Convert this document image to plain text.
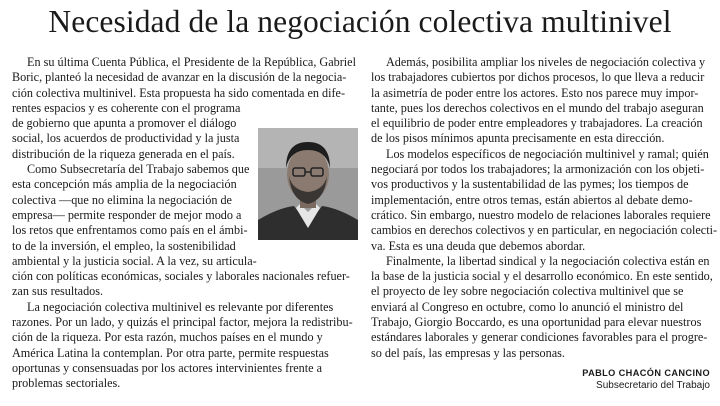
Necesidad de la negociación colectiva multinivel
En su última Cuenta Pública, el Presidente de la República, Gabriel
Boric, planteó la necesidad de avanzar en la discusión de la negocia-
ción colectiva multinivel. Esta propuesta ha sido comentada en dife-
rentes espacios y es coherente con el programa
de gobierno que apunta a promover el diálogo
social, los acuerdos de productividad y la justa
distribución de la riqueza generada en el país.
Como Subsecretaría del Trabajo sabemos que
esta concepción más amplia de la negociación
colectiva —que no elimina la negociación de
empresa— permite responder de mejor modo a
los retos que enfrentamos como país en el ámbi-
to de la inversión, el empleo, la sostenibilidad
ambiental y la justicia social. A la vez, su articula-
ción con políticas económicas, sociales y laborales nacionales refuer-
zan sus resultados.
La negociación colectiva multinivel es relevante por diferentes
razones. Por un lado, y quizás el principal factor, mejora la redistribu-
ción de la riqueza. Por esta razón, muchos países en el mundo y
América Latina la contemplan. Por otra parte, permite respuestas
oportunas y consensuadas por los actores intervinientes frente a
problemas sectoriales.
Además, posibilita ampliar los niveles de negociación colectiva y
los trabajadores cubiertos por dichos procesos, lo que lleva a reducir
la asimetría de poder entre los actores. Esto nos parece muy impor-
tante, pues los derechos colectivos en el mundo del trabajo aseguran
el equilibrio de poder entre empleadores y trabajadores. La creación
de los pisos mínimos apunta precisamente en esta dirección.
Los modelos específicos de negociación multinivel y ramal; quién
negociará por todos los trabajadores; la armonización con los objeti-
vos productivos y la sustentabilidad de las pymes; los tiempos de
implementación, entre otros temas, están abiertos al debate demo-
crático. Sin embargo, nuestro modelo de relaciones laborales requiere
cambios en derechos colectivos y en particular, en negociación colecti-
va. Esta es una deuda que debemos abordar.
Finalmente, la libertad sindical y la negociación colectiva están en
la base de la justicia social y el desarrollo económico. En este sentido,
el proyecto de ley sobre negociación colectiva multinivel que se
enviará al Congreso en octubre, como lo anunció el ministro del
Trabajo, Giorgio Boccardo, es una oportunidad para elevar nuestros
estándares laborales y generar condiciones favorables para el progre-
so del país, las empresas y las personas.
PABLO CHACÓN CANCINO
Subsecretario del Trabajo
